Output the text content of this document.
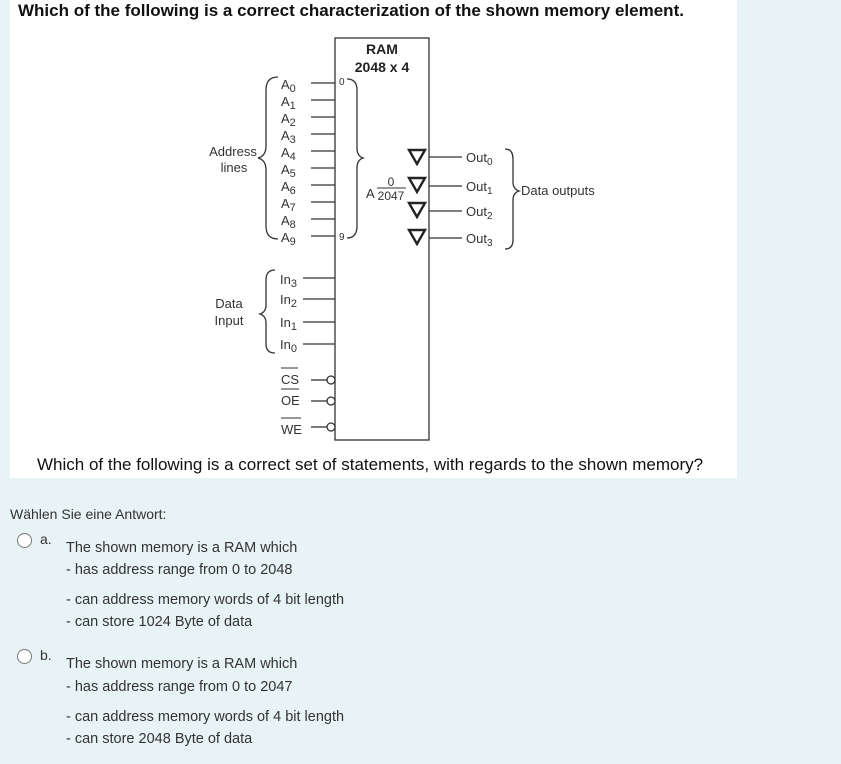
Which of the following is a correct characterization of the shown memory element.
RAM
2048 x 4
Address
lines
$A_0$
$A_1$
$A_2$
$A_3$
$A_4$
$A_5$
$A_6$
$A_7$
$A_8$
$A_9$
0
9
A
0
2047
Data
Input
$In_3$
$In_2$
$In_1$
$In_0$
CS
OE
WE
Out$_0$
Out$_1$
Out$_2$
Out$_3$
Data outputs
Which of the following is a correct set of statements, with regards to the shown memory?
Wählen Sie eine Antwort:
a.
The shown memory is a RAM which
- has address range from 0 to 2048
- can address memory words of 4 bit length
- can store 1024 Byte of data
b.
The shown memory is a RAM which
- has address range from 0 to 2047
- can address memory words of 4 bit length
- can store 2048 Byte of data
